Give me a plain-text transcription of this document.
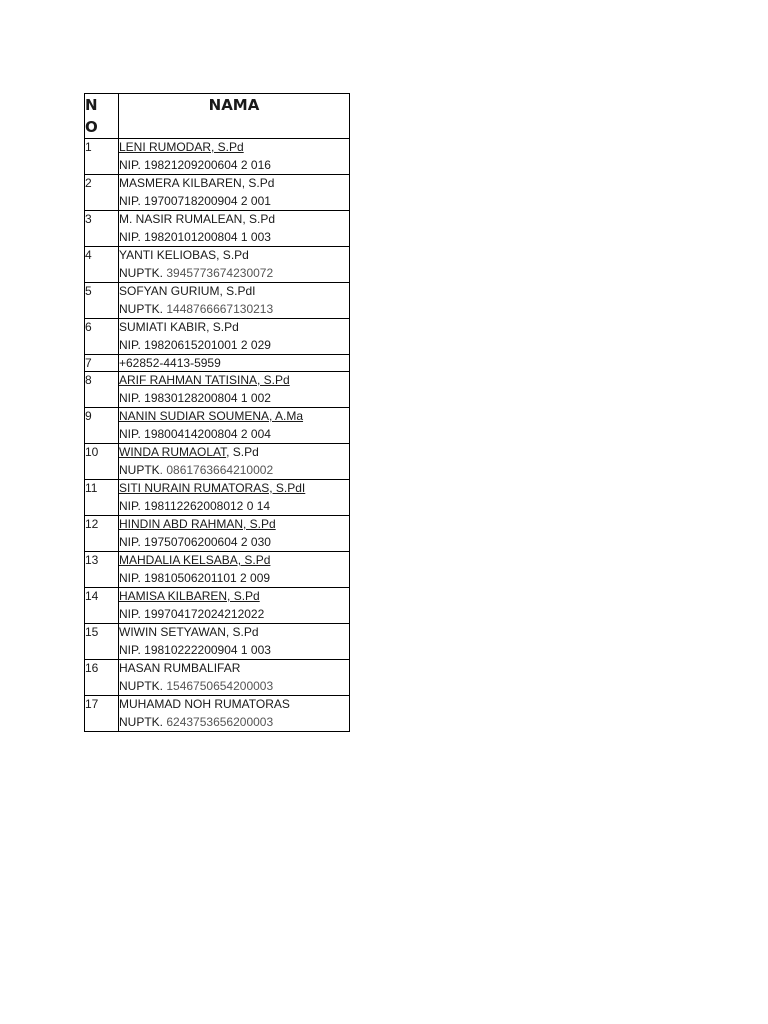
NO	NAMA
1	LENI RUMODAR, S.Pd
NIP. 19821209200604 2 016

2	MASMERA KILBAREN, S.Pd
NIP. 19700718200904 2 001

3	M. NASIR RUMALEAN, S.Pd
NIP. 19820101200804 1 003

4	YANTI KELIOBAS, S.Pd
NUPTK. 3945773674230072

5	SOFYAN GURIUM, S.PdI
NUPTK. 1448766667130213

6	SUMIATI KABIR, S.Pd
NIP. 19820615201001 2 029

7	+62852-4413-5959

8	ARIF RAHMAN TATISINA, S.Pd
NIP. 19830128200804 1 002

9	NANIN SUDIAR SOUMENA, A.Ma
NIP. 19800414200804 2 004

10	WINDA RUMAOLAT, S.Pd
NUPTK. 0861763664210002

11	SITI NURAIN RUMATORAS, S.PdI
NIP. 198112262008012 0 14

12	HINDIN ABD RAHMAN, S.Pd
NIP. 19750706200604 2 030

13	MAHDALIA KELSABA, S.Pd
NIP. 19810506201101 2 009

14	HAMISA KILBAREN, S.Pd
NIP. 199704172024212022

15	WIWIN SETYAWAN, S.Pd
NIP. 19810222200904 1 003

16	HASAN RUMBALIFAR
NUPTK. 1546750654200003

17	MUHAMAD NOH RUMATORAS
NUPTK. 6243753656200003
